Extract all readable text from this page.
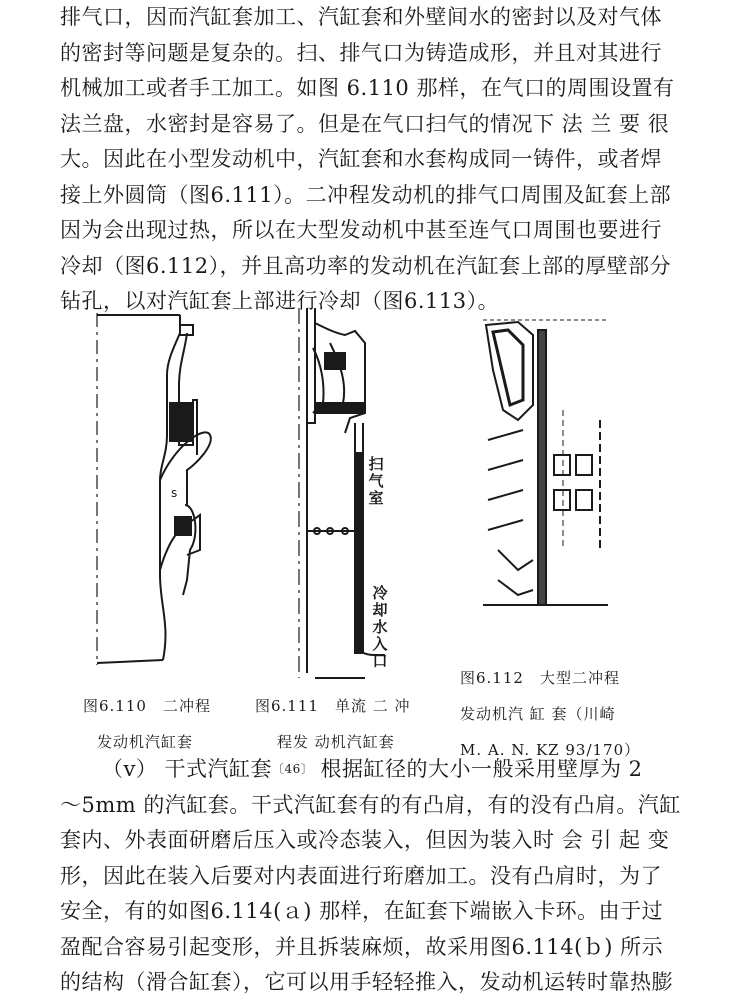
排气口，因而汽缸套加工、汽缸套和外壁间水的密封以及对气体
的密封等问题是复杂的。扫、排气口为铸造成形，并且对其进行
机械加工或者手工加工。如图 6.110 那样，在气口的周围设置有
法兰盘，水密封是容易了。但是在气口扫气的情况下 法 兰 要 很
大。因此在小型发动机中，汽缸套和水套构成同一铸件，或者焊
接上外圆筒（图6.111）。二冲程发动机的排气口周围及缸套上部
因为会出现过热，所以在大型发动机中甚至连气口周围也要进行
冷却（图6.112），并且高功率的发动机在汽缸套上部的厚壁部分
钻孔，以对汽缸套上部进行冷却（图6.113）。
s
扫气室
冷却水入口
图6.110　二冲程
发动机汽缸套
图6.111　单流 二 冲
程发 动机汽缸套
图6.112　大型二冲程
发动机汽 缸 套（川崎
M. A. N. KZ 93/170）
（ⅴ） 干式汽缸套$^{〔46〕}$ 根据缸径的大小一般采用壁厚为 2
～5mm 的汽缸套。干式汽缸套有的有凸肩，有的没有凸肩。汽缸
套内、外表面研磨后压入或冷态装入，但因为装入时 会 引 起 变
形，因此在装入后要对内表面进行珩磨加工。没有凸肩时，为了
安全，有的如图6.114(ａ) 那样，在缸套下端嵌入卡环。由于过
盈配合容易引起变形，并且拆装麻烦，故采用图6.114(ｂ) 所示
的结构（滑合缸套），它可以用手轻轻推入，发动机运转时靠热膨
